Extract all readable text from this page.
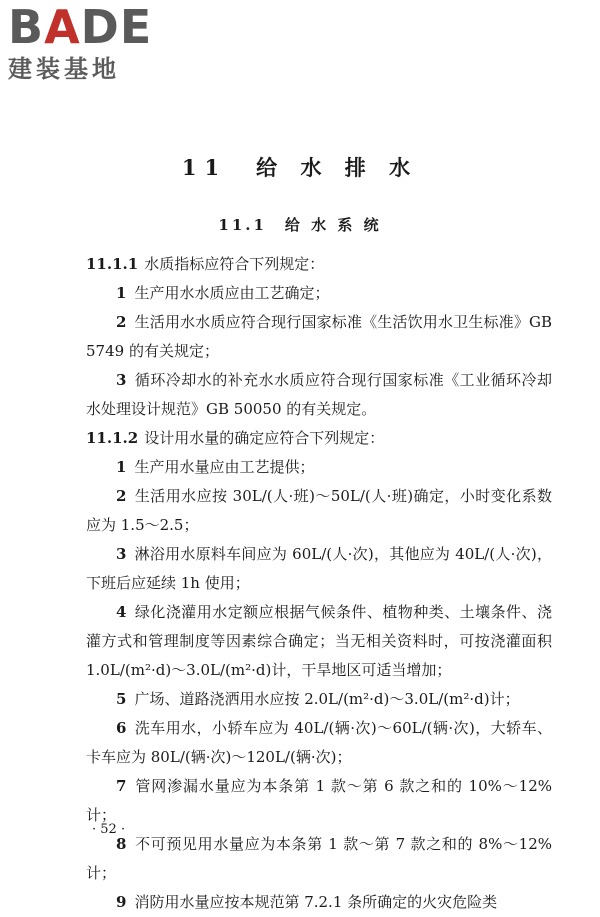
BADE
建装基地
11　给 水 排 水
11.1　给 水 系 统

11.1.1 水质指标应符合下列规定：

1 生产用水水质应由工艺确定；

2 生活用水水质应符合现行国家标准《生活饮用水卫生标准》GB 5749 的有关规定；

3 循环冷却水的补充水水质应符合现行国家标准《工业循环冷却水处理设计规范》GB 50050 的有关规定。

11.1.2 设计用水量的确定应符合下列规定：

1 生产用水量应由工艺提供；

2 生活用水应按 30L/(人·班)～50L/(人·班)确定，小时变化系数应为 1.5～2.5；

3 淋浴用水原料车间应为 60L/(人·次)，其他应为 40L/(人·次)，下班后应延续 1h 使用；

4 绿化浇灌用水定额应根据气候条件、植物种类、土壤条件、浇灌方式和管理制度等因素综合确定；当无相关资料时，可按浇灌面积 1.0L/(m²·d)～3.0L/(m²·d)计，干旱地区可适当增加；

5 广场、道路浇洒用水应按 2.0L/(m²·d)～3.0L/(m²·d)计；

6 洗车用水，小轿车应为 40L/(辆·次)～60L/(辆·次)，大轿车、卡车应为 80L/(辆·次)～120L/(辆·次)；

7 管网渗漏水量应为本条第 1 款～第 6 款之和的 10%～12%计；

8 不可预见用水量应为本条第 1 款～第 7 款之和的 8%～12%计；

9 消防用水量应按本规范第 7.2.1 条所确定的火灾危险类

· 52 ·
